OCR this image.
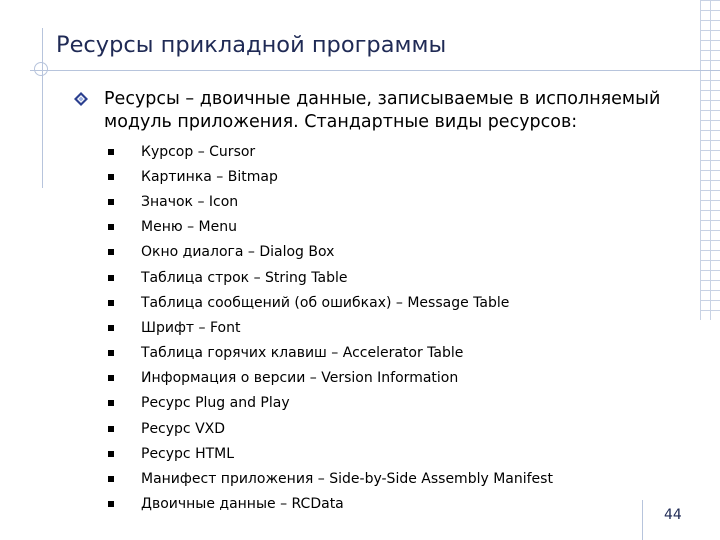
Ресурсы прикладной программы
Ресурсы – двоичные данные, записываемые в исполняемый модуль приложения. Стандартные виды ресурсов:
Курсор – Cursor
Картинка – Bitmap
Значок – Icon
Меню – Menu
Окно диалога – Dialog Box
Таблица строк – String Table
Таблица сообщений (об ошибках) – Message Table
Шрифт – Font
Таблица горячих клавиш – Accelerator Table
Информация о версии – Version Information
Ресурс Plug and Play
Ресурс VXD
Ресурс HTML
Манифест приложения – Side-by-Side Assembly Manifest
Двоичные данные – RCData
44
